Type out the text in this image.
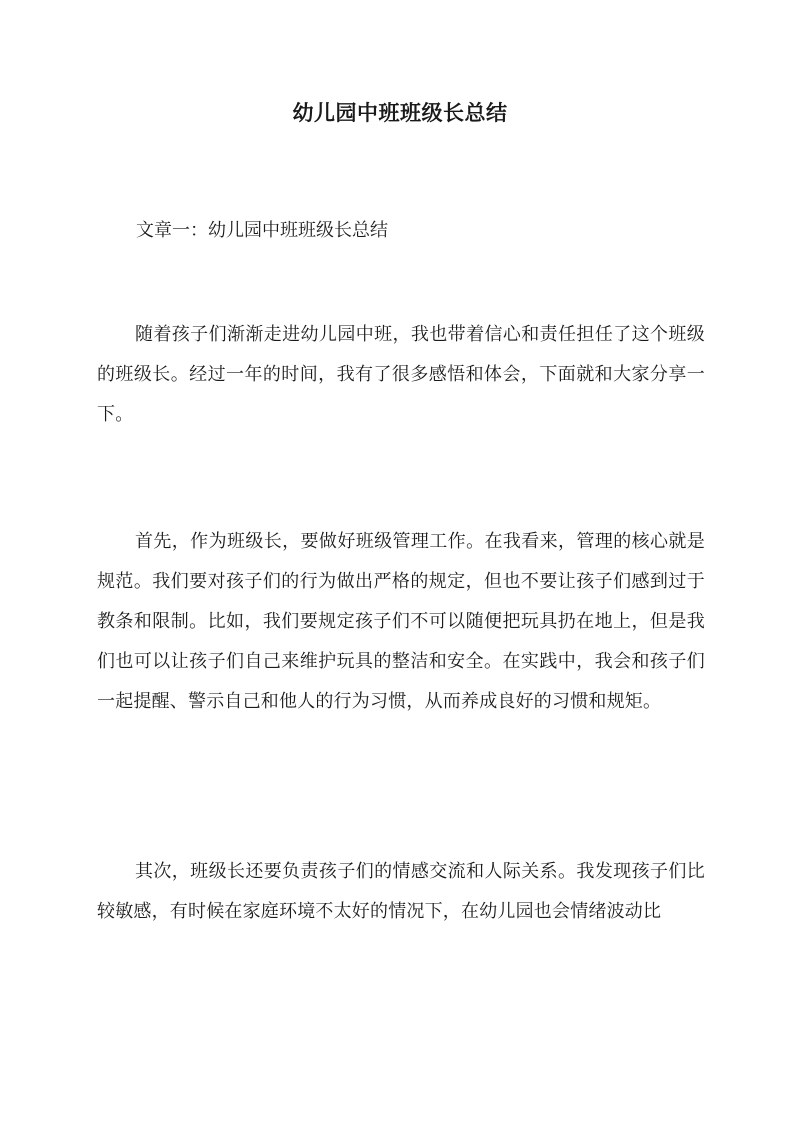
幼儿园中班班级长总结

文章一：幼儿园中班班级长总结

随着孩子们渐渐走进幼儿园中班，我也带着信心和责任担任了这个班级的班级长。经过一年的时间，我有了很多感悟和体会，下面就和大家分享一下。

首先，作为班级长，要做好班级管理工作。在我看来，管理的核心就是规范。我们要对孩子们的行为做出严格的规定，但也不要让孩子们感到过于教条和限制。比如，我们要规定孩子们不可以随便把玩具扔在地上，但是我们也可以让孩子们自己来维护玩具的整洁和安全。在实践中，我会和孩子们一起提醒、警示自己和他人的行为习惯，从而养成良好的习惯和规矩。

其次，班级长还要负责孩子们的情感交流和人际关系。我发现孩子们比较敏感，有时候在家庭环境不太好的情况下，在幼儿园也会情绪波动比
